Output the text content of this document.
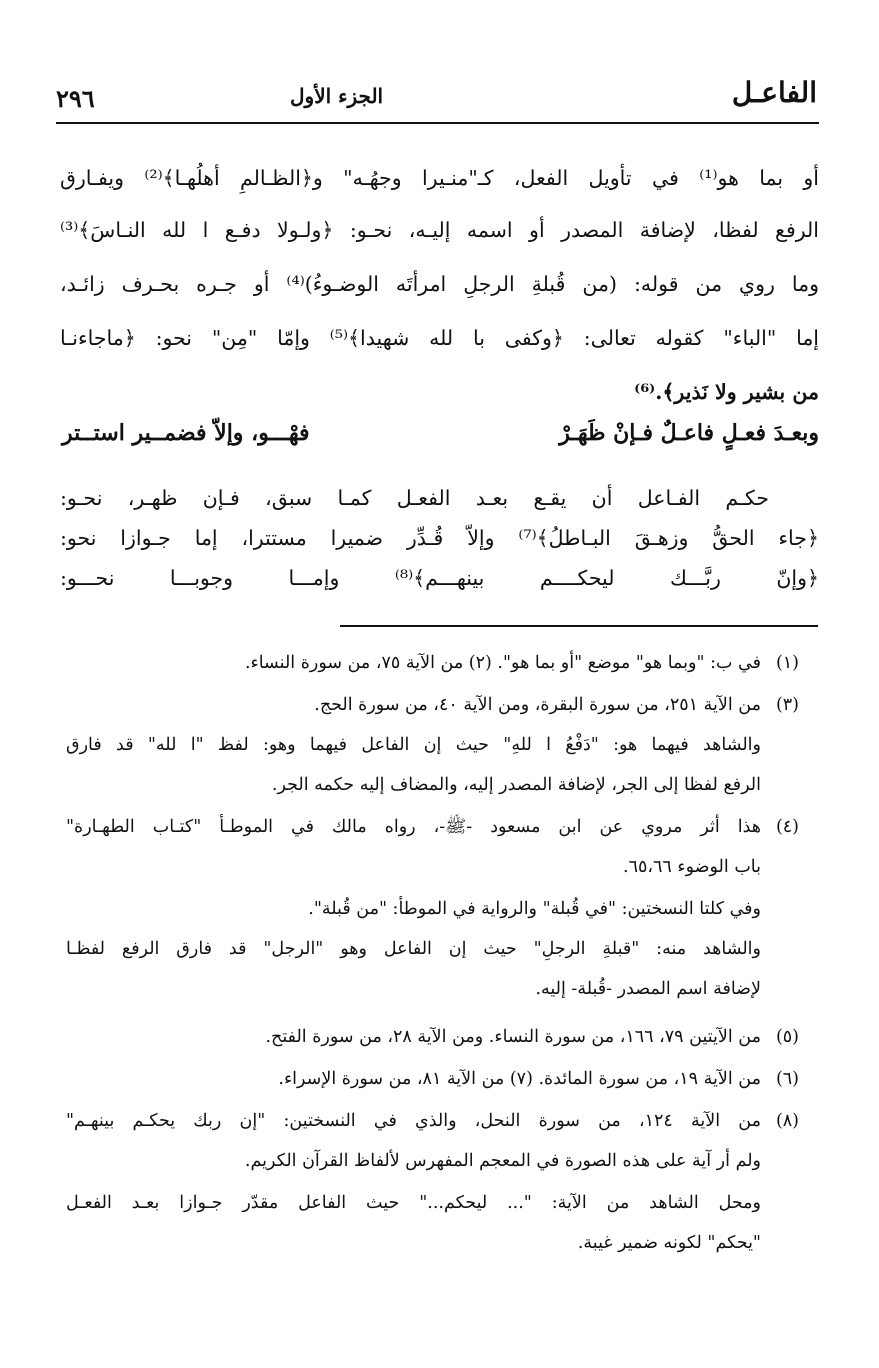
الفاعـل
الجزء الأول
٢٩٦
أو بما هو⁽¹⁾ في تأويل الفعل، كـ"منـيرا وجهُـه" و﴿الظـالمِ أهلُهـا﴾⁽²⁾ ويفـارق
الرفع لفظا، لإضافة المصدر أو اسمه إليـه، نحـو: ﴿ولـولا دفـع ا لله النـاسَ﴾⁽³⁾
وما روي من قوله: (من قُبلةِ الرجلِ امرأتَه الوضـوءُ)⁽⁴⁾ أو جـره بحـرف زائـد،
إما "الباء" كقوله تعالى: ﴿وكفى با لله شهيدا﴾⁽⁵⁾ وإمّا "مِن" نحو: ﴿ماجاءنـا
من بشير ولا نَذير﴾.⁽⁶⁾
وبعـدَ فعـلٍ فاعـلٌ فـإنْ ظَهَـرْ
فهْـــو، وإلاّ فضمــير استــتر
حكـم الفـاعل أن يقـع بعـد الفعـل كمـا سبق، فـإن ظهـر، نحـو:
﴿جاء الحقُّ وزهـقَ البـاطلُ﴾⁽⁷⁾ وإلاّ قُـدِّر ضميرا مستترا، إما جـوازا نحو:
﴿وإنّ ربَّـــك ليحكــــم بينهـــم﴾⁽⁸⁾ وإمـــا وجوبـــا نحـــو:
(١)
في ب: "وبما هو" موضع "أو بما هو". (٢) من الآية ٧٥، من سورة النساء.
(٣)
من الآية ٢٥١، من سورة البقرة، ومن الآية ٤٠، من سورة الحج.
والشاهد فيهما هو: "دَفْعُ ا للهِ" حيث إن الفاعل فيهما وهو: لفظ "ا لله" قد فارق
الرفع لفظا إلى الجر، لإضافة المصدر إليه، والمضاف إليه حكمه الجر.
(٤)
هذا أثر مروي عن ابن مسعود -ﷺ-، رواه مالك في الموطـأ "كتـاب الطهـارة"
باب الوضوء ٦٥،٦٦.
وفي كلتا النسختين: "في قُبلة" والرواية في الموطأ: "من قُبلة".
والشاهد منه: "قبلةِ الرجلِ" حيث إن الفاعل وهو "الرجل" قد فارق الرفع لفظـا
لإضافة اسم المصدر -قُبلة- إليه.
(٥)
من الآيتين ٧٩، ١٦٦، من سورة النساء. ومن الآية ٢٨، من سورة الفتح.
(٦)
من الآية ١٩، من سورة المائدة. (٧) من الآية ٨١، من سورة الإسراء.
(٨)
من الآية ١٢٤، من سورة النحل، والذي في النسختين: "إن ربك يحكـم بينهـم"
ولم أر آية على هذه الصورة في المعجم المفهرس لألفاظ القرآن الكريم.
ومحل الشاهد من الآية: "... ليحكم..." حيث الفاعل مقدّر جـوازا بعـد الفعـل
"يحكم" لكونه ضمير غيبة.
